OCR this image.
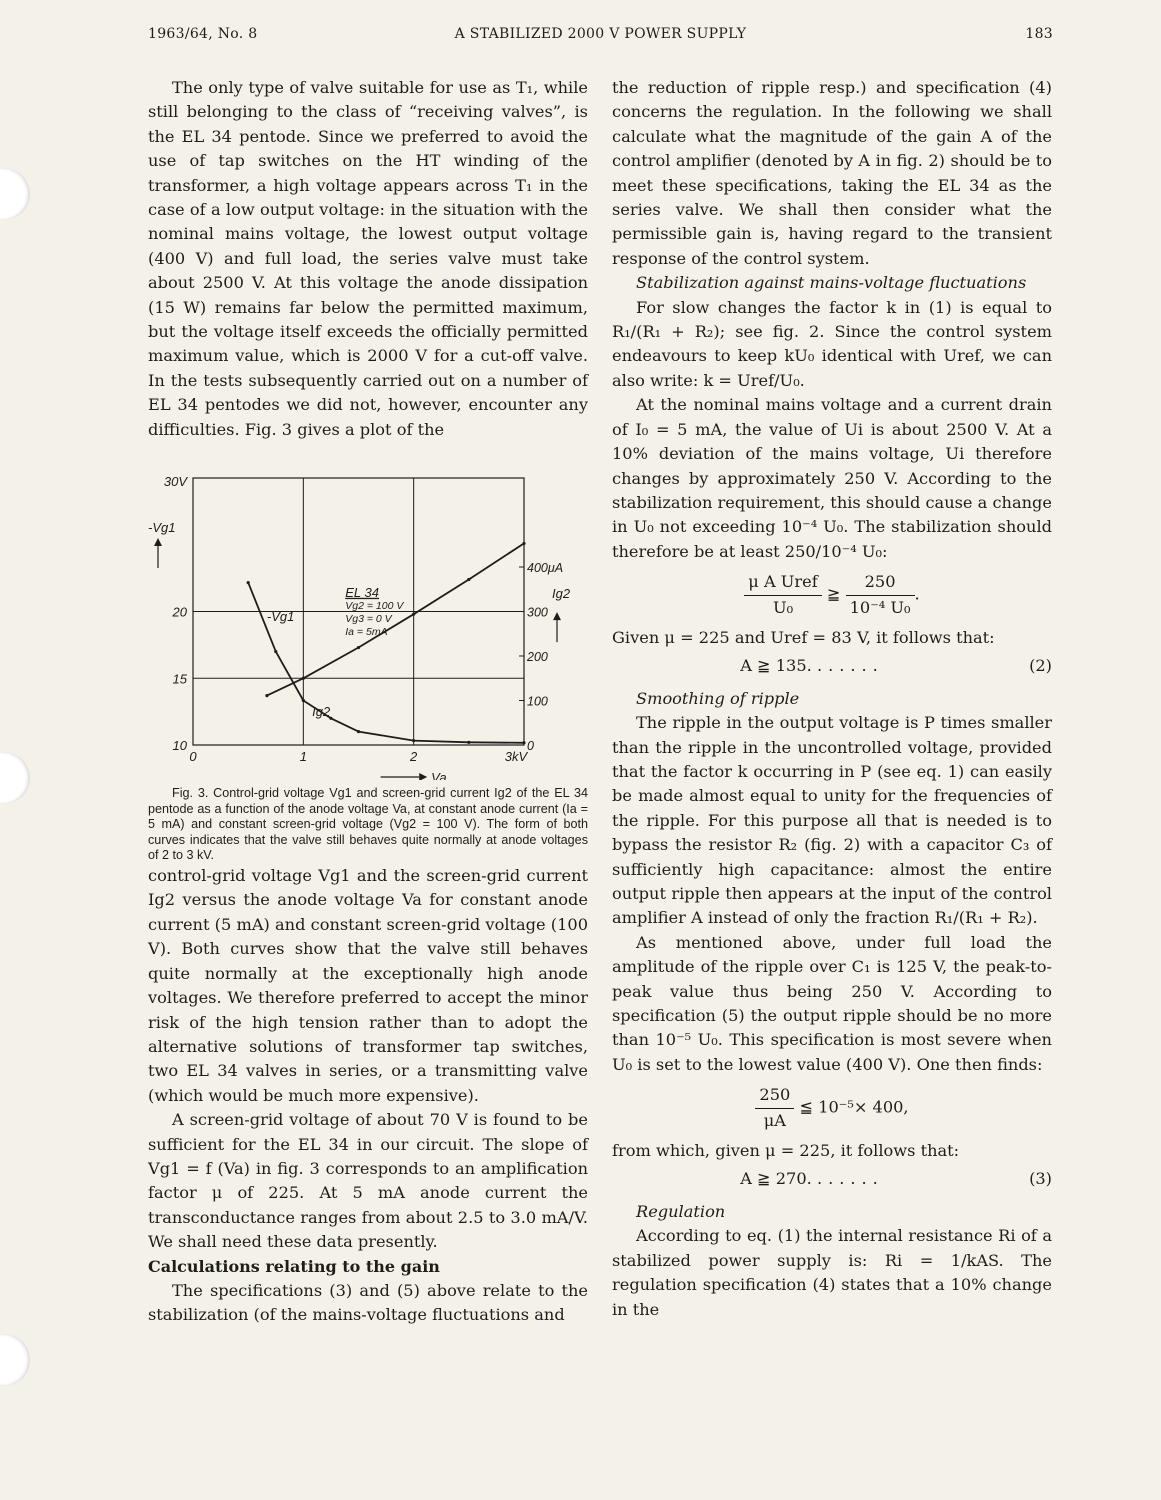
1963/64, No. 8	A STABILIZED 2000 V POWER SUPPLY	183

The only type of valve suitable for use as T₁, while still belonging to the class of “receiving valves”, is the EL 34 pentode. Since we preferred to avoid the use of tap switches on the HT winding of the transformer, a high voltage appears across T₁ in the case of a low output voltage: in the situation with the nominal mains voltage, the lowest output voltage (400 V) and full load, the series valve must take about 2500 V. At this voltage the anode dissipation (15 W) remains far below the permitted maximum, but the voltage itself exceeds the officially permitted maximum value, which is 2000 V for a cut-off valve. In the tests subsequently carried out on a number of EL 34 pentodes we did not, however, encounter any difficulties. Fig. 3 gives a plot of the

0	1	2	3kV
Va
10
15
20
30V
-Vg1
0
100
200
300
400μA
Ig2
EL 34
Vg2 = 100 V
Vg3 = 0 V
Ia = 5mA
-Vg1
Ig2

Fig. 3. Control-grid voltage Vg1 and screen-grid current Ig2 of the EL 34 pentode as a function of the anode voltage Va, at constant anode current (Ia = 5 mA) and constant screen-grid voltage (Vg2 = 100 V). The form of both curves indicates that the valve still behaves quite normally at anode voltages of 2 to 3 kV.

control-grid voltage Vg1 and the screen-grid current Ig2 versus the anode voltage Va for constant anode current (5 mA) and constant screen-grid voltage (100 V). Both curves show that the valve still behaves quite normally at the exceptionally high anode voltages. We therefore preferred to accept the minor risk of the high tension rather than to adopt the alternative solutions of transformer tap switches, two EL 34 valves in series, or a transmitting valve (which would be much more expensive).

A screen-grid voltage of about 70 V is found to be sufficient for the EL 34 in our circuit. The slope of Vg1 = f (Va) in fig. 3 corresponds to an amplification factor μ of 225. At 5 mA anode current the transconductance ranges from about 2.5 to 3.0 mA/V. We shall need these data presently.

Calculations relating to the gain

The specifications (3) and (5) above relate to the stabilization (of the mains-voltage fluctuations and

the reduction of ripple resp.) and specification (4) concerns the regulation. In the following we shall calculate what the magnitude of the gain A of the control amplifier (denoted by A in fig. 2) should be to meet these specifications, taking the EL 34 as the series valve. We shall then consider what the permissible gain is, having regard to the transient response of the control system.

Stabilization against mains-voltage fluctuations

For slow changes the factor k in (1) is equal to R₁/(R₁ + R₂); see fig. 2. Since the control system endeavours to keep kU₀ identical with Uref, we can also write: k = Uref/U₀.

At the nominal mains voltage and a current drain of I₀ = 5 mA, the value of Ui is about 2500 V. At a 10% deviation of the mains voltage, Ui therefore changes by approximately 250 V. According to the stabilization requirement, this should cause a change in U₀ not exceeding 10⁻⁴ U₀. The stabilization should therefore be at least 250/10⁻⁴ U₀:

$\frac{\text{μ A Uref}}{\text{U₀}}$ ≧ $\frac{250}{\text{10⁻⁴ U₀}}$ .

Given μ = 225 and Uref = 83 V, it follows that:

A ≧ 135. ......	(2)

Smoothing of ripple

The ripple in the output voltage is P times smaller than the ripple in the uncontrolled voltage, provided that the factor k occurring in P (see eq. 1) can easily be made almost equal to unity for the frequencies of the ripple. For this purpose all that is needed is to bypass the resistor R₂ (fig. 2) with a capacitor C₃ of sufficiently high capacitance: almost the entire output ripple then appears at the input of the control amplifier A instead of only the fraction R₁/(R₁ + R₂).

As mentioned above, under full load the amplitude of the ripple over C₁ is 125 V, the peak-to-peak value thus being 250 V. According to specification (5) the output ripple should be no more than 10⁻⁵ U₀. This specification is most severe when U₀ is set to the lowest value (400 V). One then finds:

$\frac{250}{\mu A}$ ≦ 10⁻⁵× 400,

from which, given μ = 225, it follows that:

A ≧ 270. ......	(3)

Regulation

According to eq. (1) the internal resistance Ri of a stabilized power supply is: Ri = 1/kAS. The regulation specification (4) states that a 10% change in the
